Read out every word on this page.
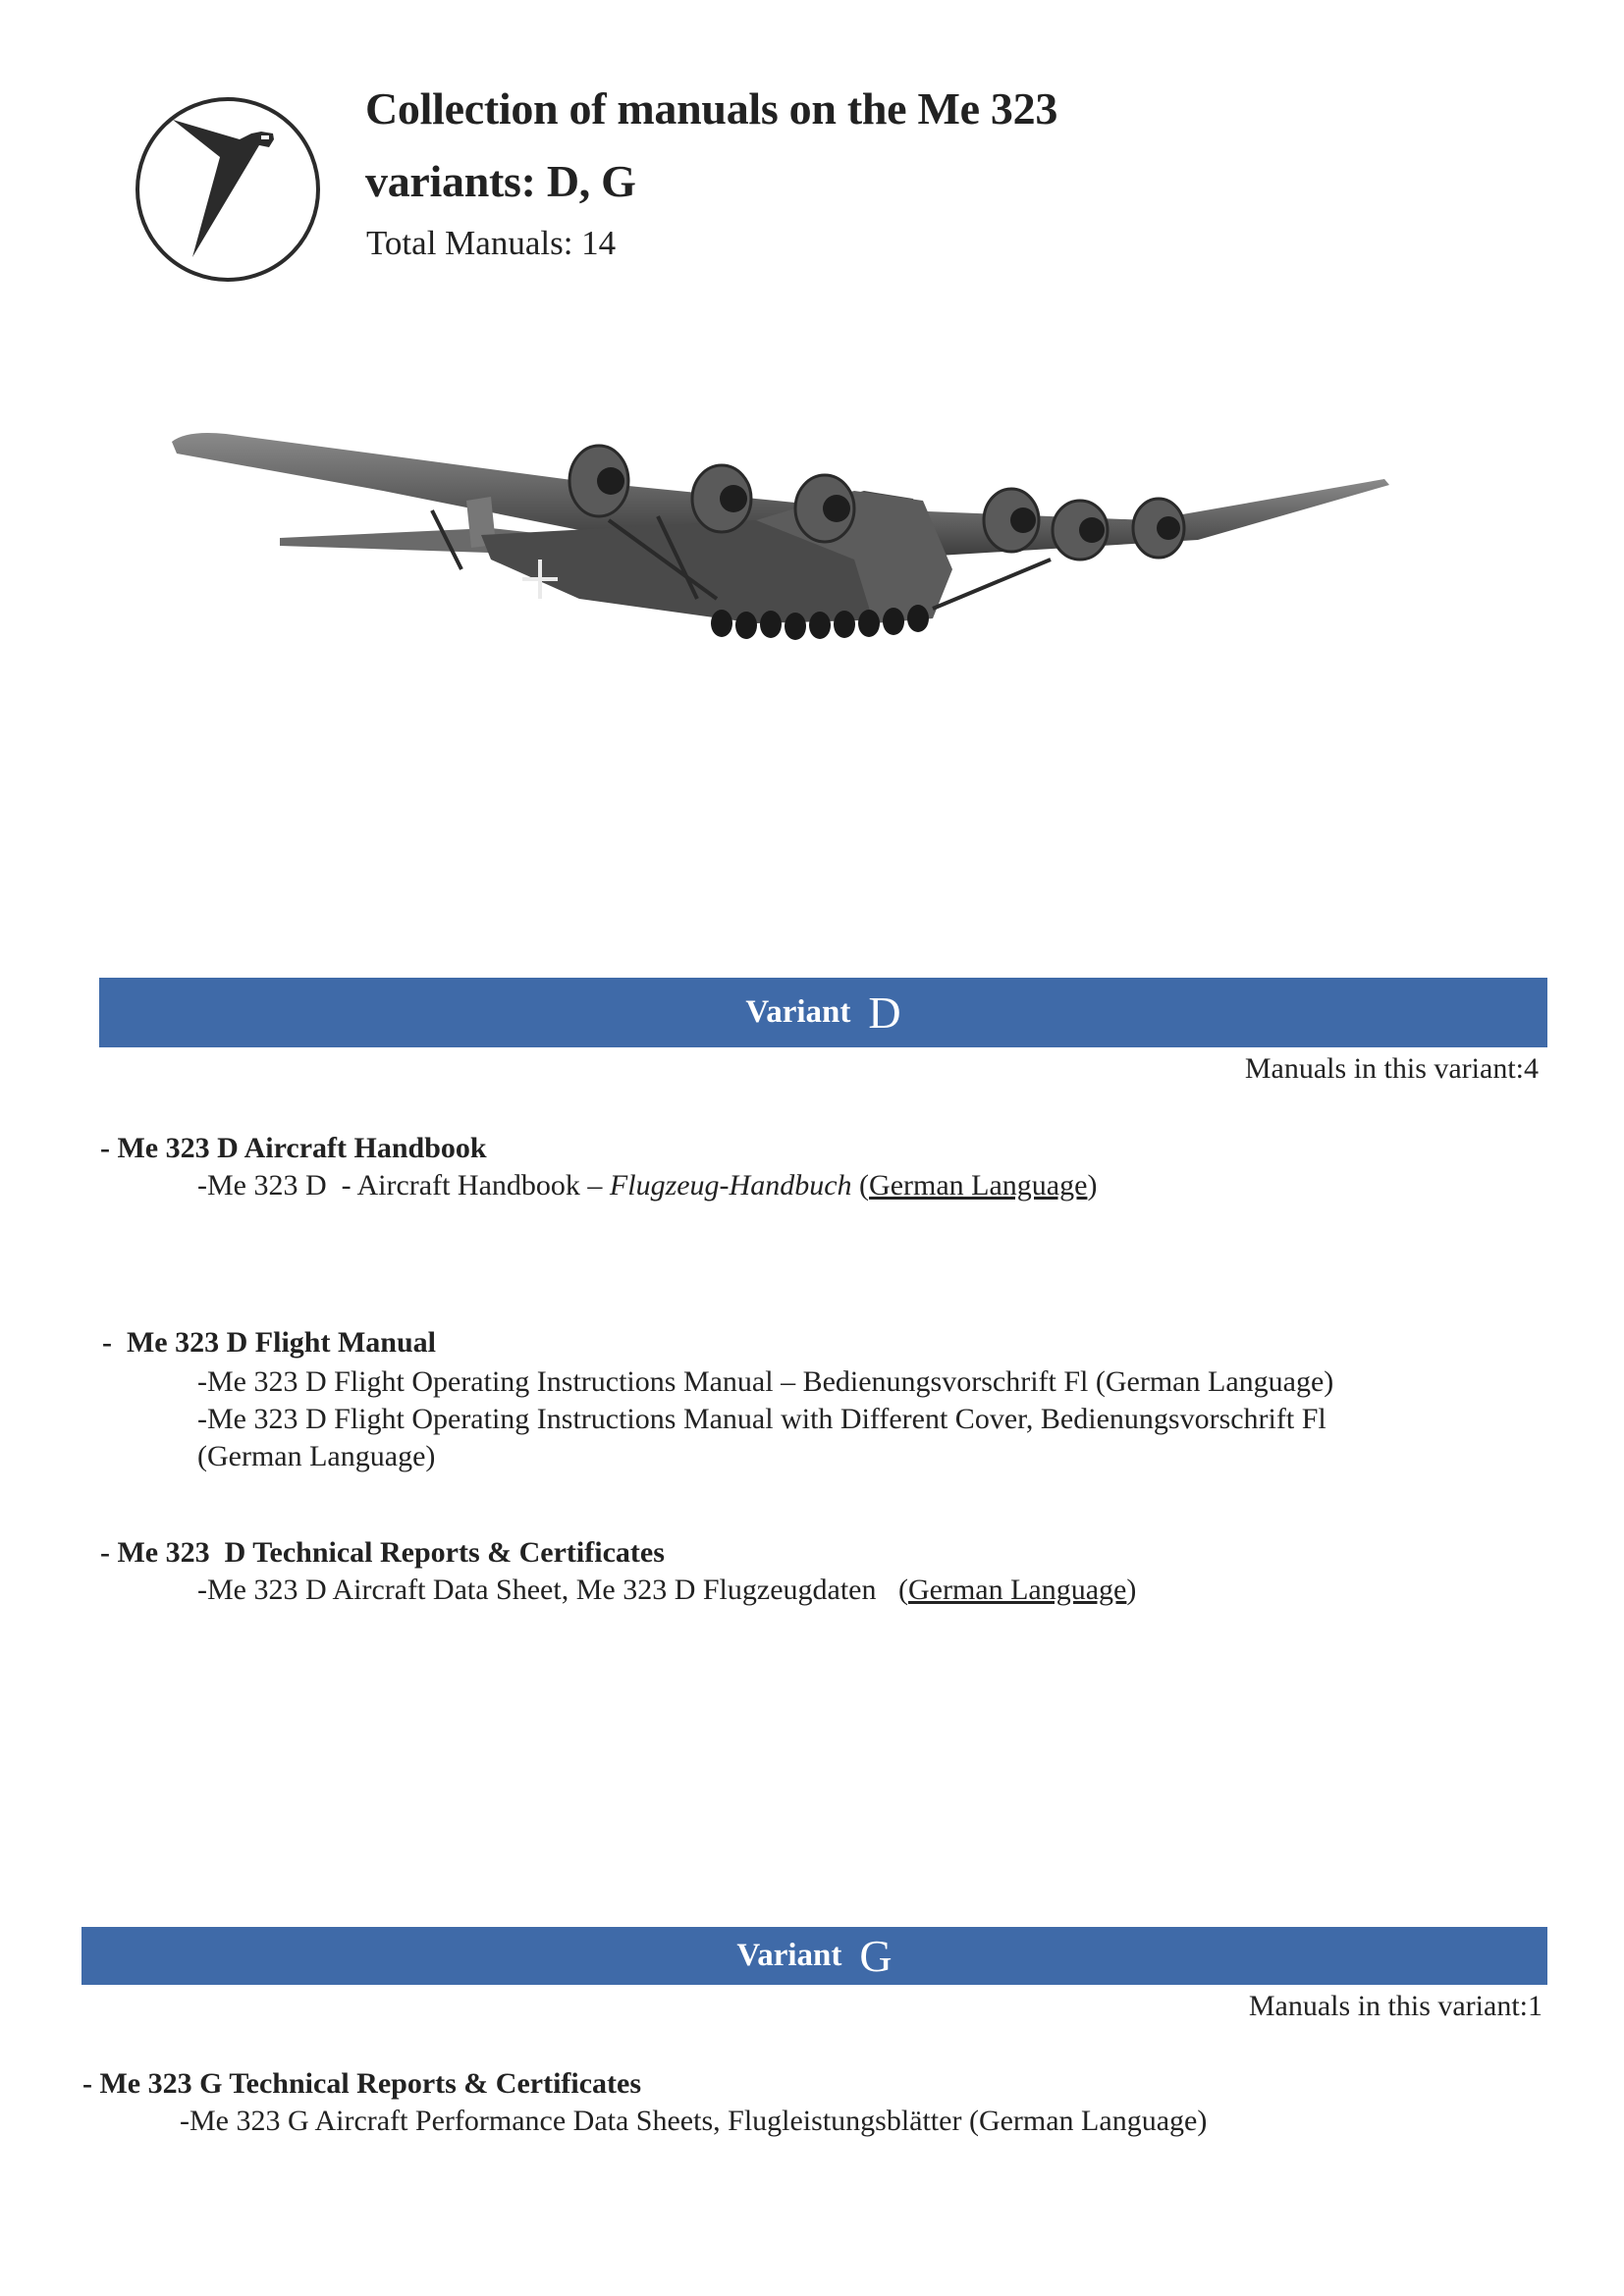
Collection of manuals on the Me 323
variants: D, G
Total Manuals: 14
Variant D
Manuals in this variant:4
- Me 323 D Aircraft Handbook
-Me 323 D  - Aircraft Handbook – Flugzeug-Handbuch (German Language)
-  Me 323 D Flight Manual
-Me 323 D Flight Operating Instructions Manual – Bedienungsvorschrift Fl (German Language)
-Me 323 D Flight Operating Instructions Manual with Different Cover, Bedienungsvorschrift Fl
(German Language)
- Me 323  D Technical Reports & Certificates
-Me 323 D Aircraft Data Sheet, Me 323 D Flugzeugdaten   (German Language)
Variant G
Manuals in this variant:1
- Me 323 G Technical Reports & Certificates
-Me 323 G Aircraft Performance Data Sheets, Flugleistungsblätter (German Language)
